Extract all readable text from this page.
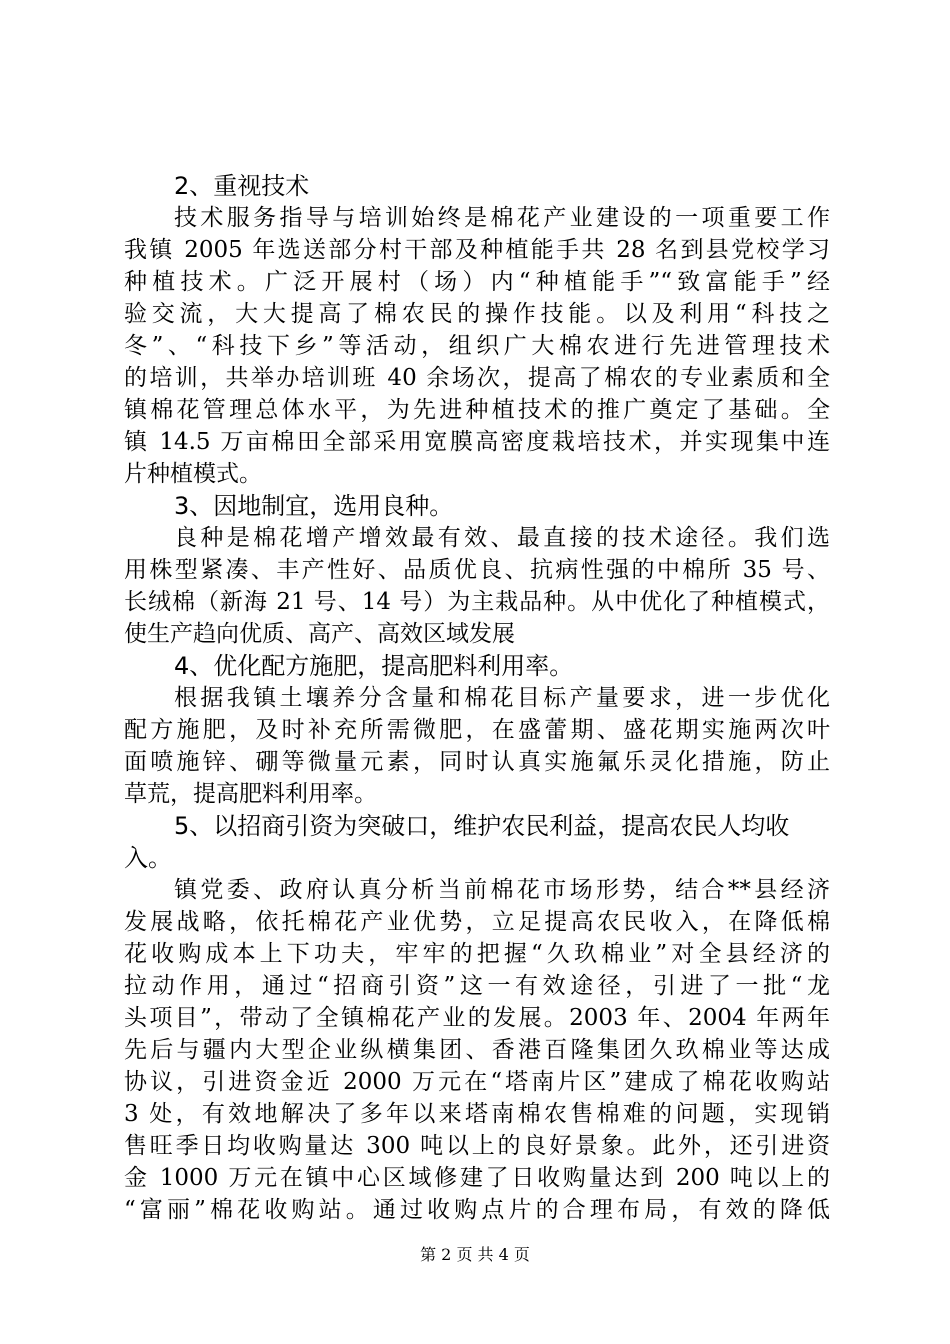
2、重视技术
技术服务指导与培训始终是棉花产业建设的一项重要工作
我镇 2005 年选送部分村干部及种植能手共 28 名到县党校学习
种植技术。广泛开展村（场）内“种植能手”“致富能手”经
验交流，大大提高了棉农民的操作技能。以及利用“科技之
冬”、“科技下乡”等活动，组织广大棉农进行先进管理技术
的培训，共举办培训班 40 余场次，提高了棉农的专业素质和全
镇棉花管理总体水平，为先进种植技术的推广奠定了基础。全
镇 14.5 万亩棉田全部采用宽膜高密度栽培技术，并实现集中连
片种植模式。
3、因地制宜，选用良种。
良种是棉花增产增效最有效、最直接的技术途径。我们选
用株型紧凑、丰产性好、品质优良、抗病性强的中棉所 35 号、
长绒棉（新海 21 号、14 号）为主栽品种。从中优化了种植模式，
使生产趋向优质、高产、高效区域发展
4、优化配方施肥，提高肥料利用率。
根据我镇土壤养分含量和棉花目标产量要求，进一步优化
配方施肥，及时补充所需微肥，在盛蕾期、盛花期实施两次叶
面喷施锌、硼等微量元素，同时认真实施氟乐灵化措施，防止
草荒，提高肥料利用率。
5、以招商引资为突破口，维护农民利益，提高农民人均收
入。
镇党委、政府认真分析当前棉花市场形势，结合**县经济
发展战略，依托棉花产业优势，立足提高农民收入，在降低棉
花收购成本上下功夫，牢牢的把握“久玖棉业”对全县经济的
拉动作用，通过“招商引资”这一有效途径，引进了一批“龙
头项目”，带动了全镇棉花产业的发展。2003 年、2004 年两年
先后与疆内大型企业纵横集团、香港百隆集团久玖棉业等达成
协议，引进资金近 2000 万元在“塔南片区”建成了棉花收购站
3 处，有效地解决了多年以来塔南棉农售棉难的问题，实现销
售旺季日均收购量达 300 吨以上的良好景象。此外，还引进资
金 1000 万元在镇中心区域修建了日收购量达到 200 吨以上的
“富丽”棉花收购站。通过收购点片的合理布局，有效的降低
第 2 页 共 4 页
